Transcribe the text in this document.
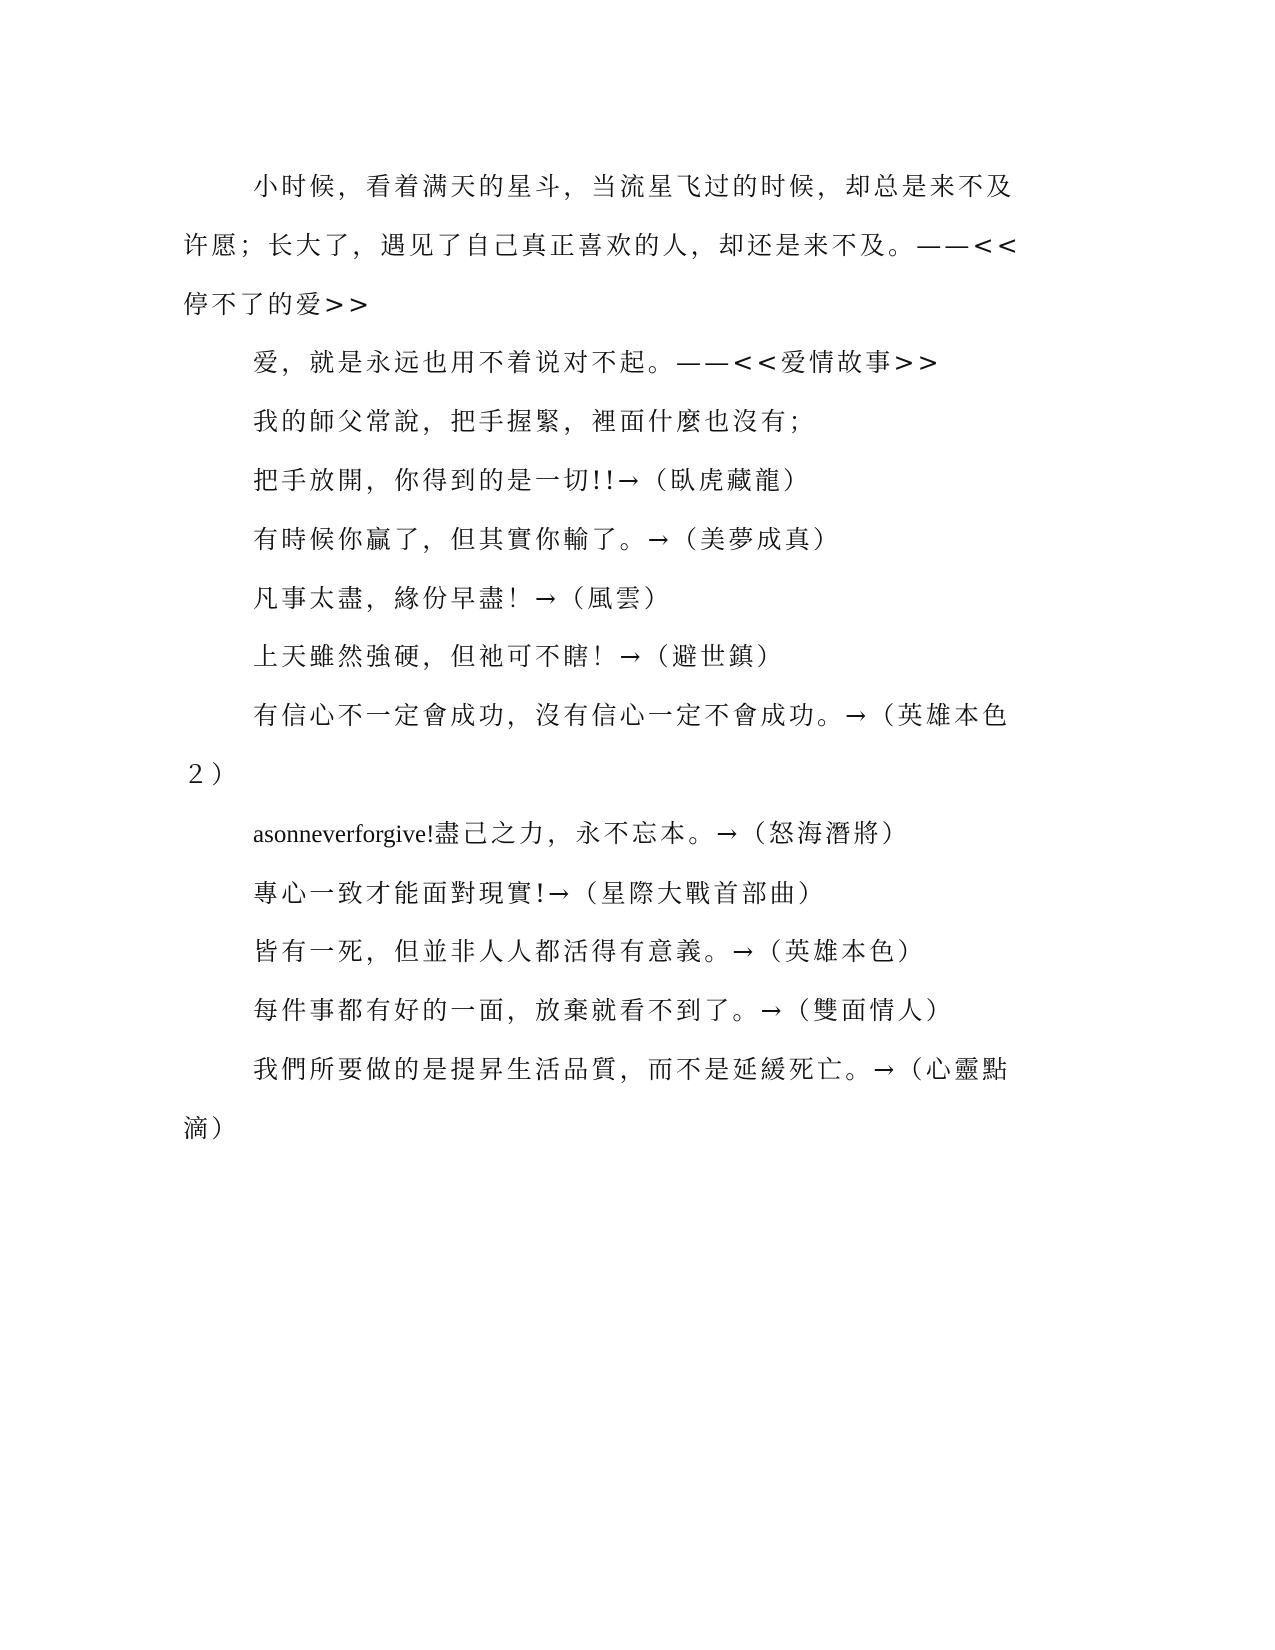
小时候，看着满天的星斗，当流星飞过的时候，却总是来不及许愿；长大了，遇见了自己真正喜欢的人，却还是来不及。——<<停不了的爱>>

爱，就是永远也用不着说对不起。——<<爱情故事>>

我的師父常說，把手握緊，裡面什麼也沒有；

把手放開，你得到的是一切!!→（臥虎藏龍）

有時候你贏了，但其實你輸了。→（美夢成真）

凡事太盡，緣份早盡！→（風雲）

上天雖然強硬，但祂可不瞎！→（避世鎮）

有信心不一定會成功，沒有信心一定不會成功。→（英雄本色２）

asonneverforgive!盡己之力，永不忘本。→（怒海潛將）

專心一致才能面對現實!→（星際大戰首部曲）

皆有一死，但並非人人都活得有意義。→（英雄本色）

每件事都有好的一面，放棄就看不到了。→（雙面情人）

我們所要做的是提昇生活品質，而不是延緩死亡。→（心靈點滴）
